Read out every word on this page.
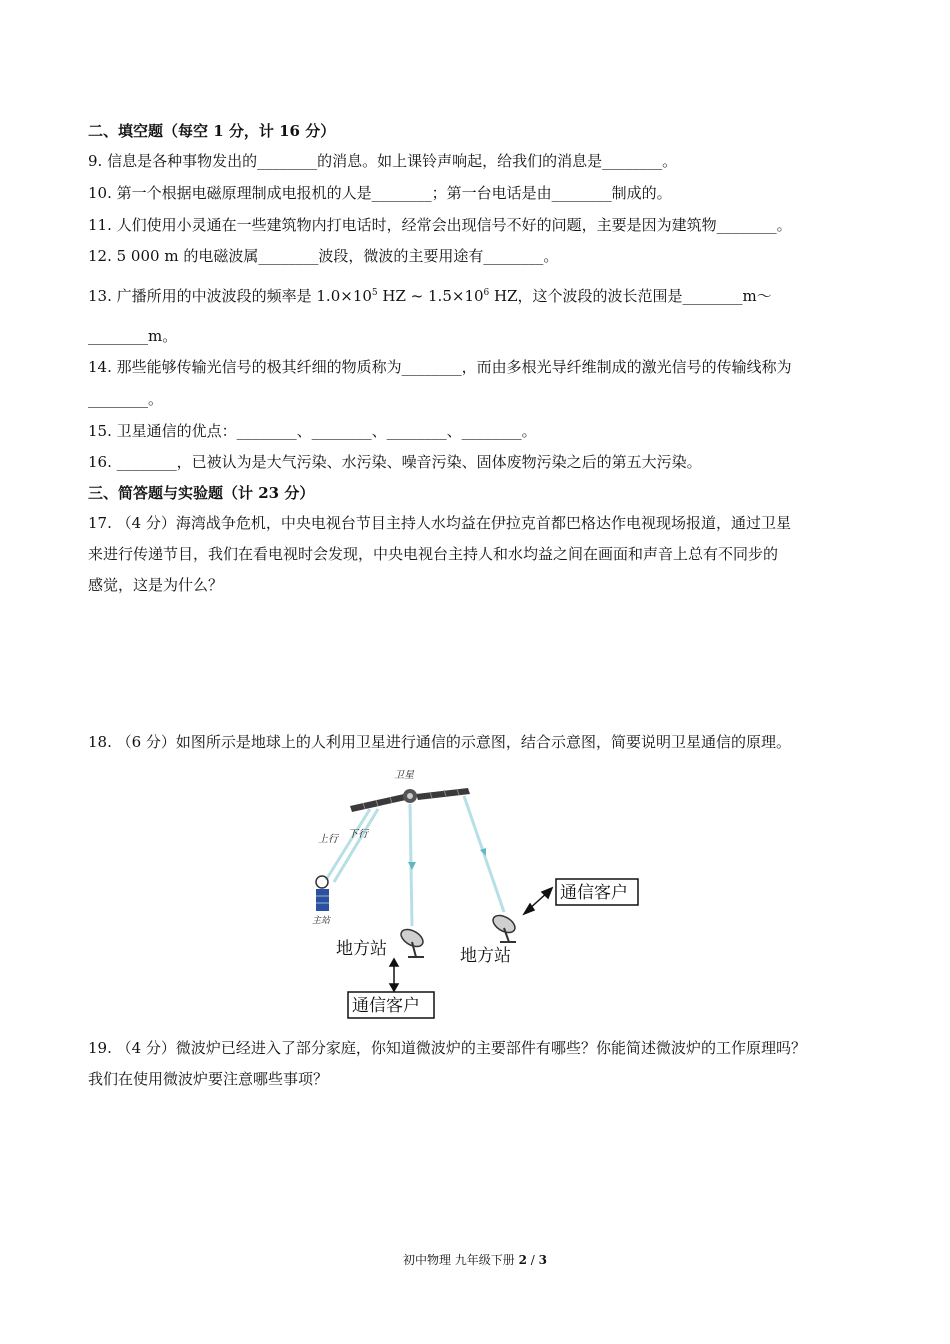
二、填空题（每空 1 分，计 16 分）
9. 信息是各种事物发出的________的消息。如上课铃声响起，给我们的消息是________。
10. 第一个根据电磁原理制成电报机的人是________；第一台电话是由________制成的。
11. 人们使用小灵通在一些建筑物内打电话时，经常会出现信号不好的问题，主要是因为建筑物________。
12. 5 000 m 的电磁波属________波段，微波的主要用途有________。
13. 广播所用的中波波段的频率是 $1.0\times 10^5$ HZ ~ $1.5\times 10^6$ HZ，这个波段的波长范围是________m～
________m。
14. 那些能够传输光信号的极其纤细的物质称为________，而由多根光导纤维制成的激光信号的传输线称为
________。
15. 卫星通信的优点：________、________、________、________。
16. ________，已被认为是大气污染、水污染、噪音污染、固体废物污染之后的第五大污染。
三、简答题与实验题（计 23 分）
17. （4 分）海湾战争危机，中央电视台节目主持人水均益在伊拉克首都巴格达作电视现场报道，通过卫星
来进行传递节目，我们在看电视时会发现，中央电视台主持人和水均益之间在画面和声音上总有不同步的
感觉，这是为什么？
18. （6 分）如图所示是地球上的人利用卫星进行通信的示意图，结合示意图，简要说明卫星通信的原理。
卫星
上行 下行
主站
地方站	地方站
通信客户
通信客户
19. （4 分）微波炉已经进入了部分家庭，你知道微波炉的主要部件有哪些？你能简述微波炉的工作原理吗？
我们在使用微波炉要注意哪些事项？
初中物理 九年级下册 2 / 3
